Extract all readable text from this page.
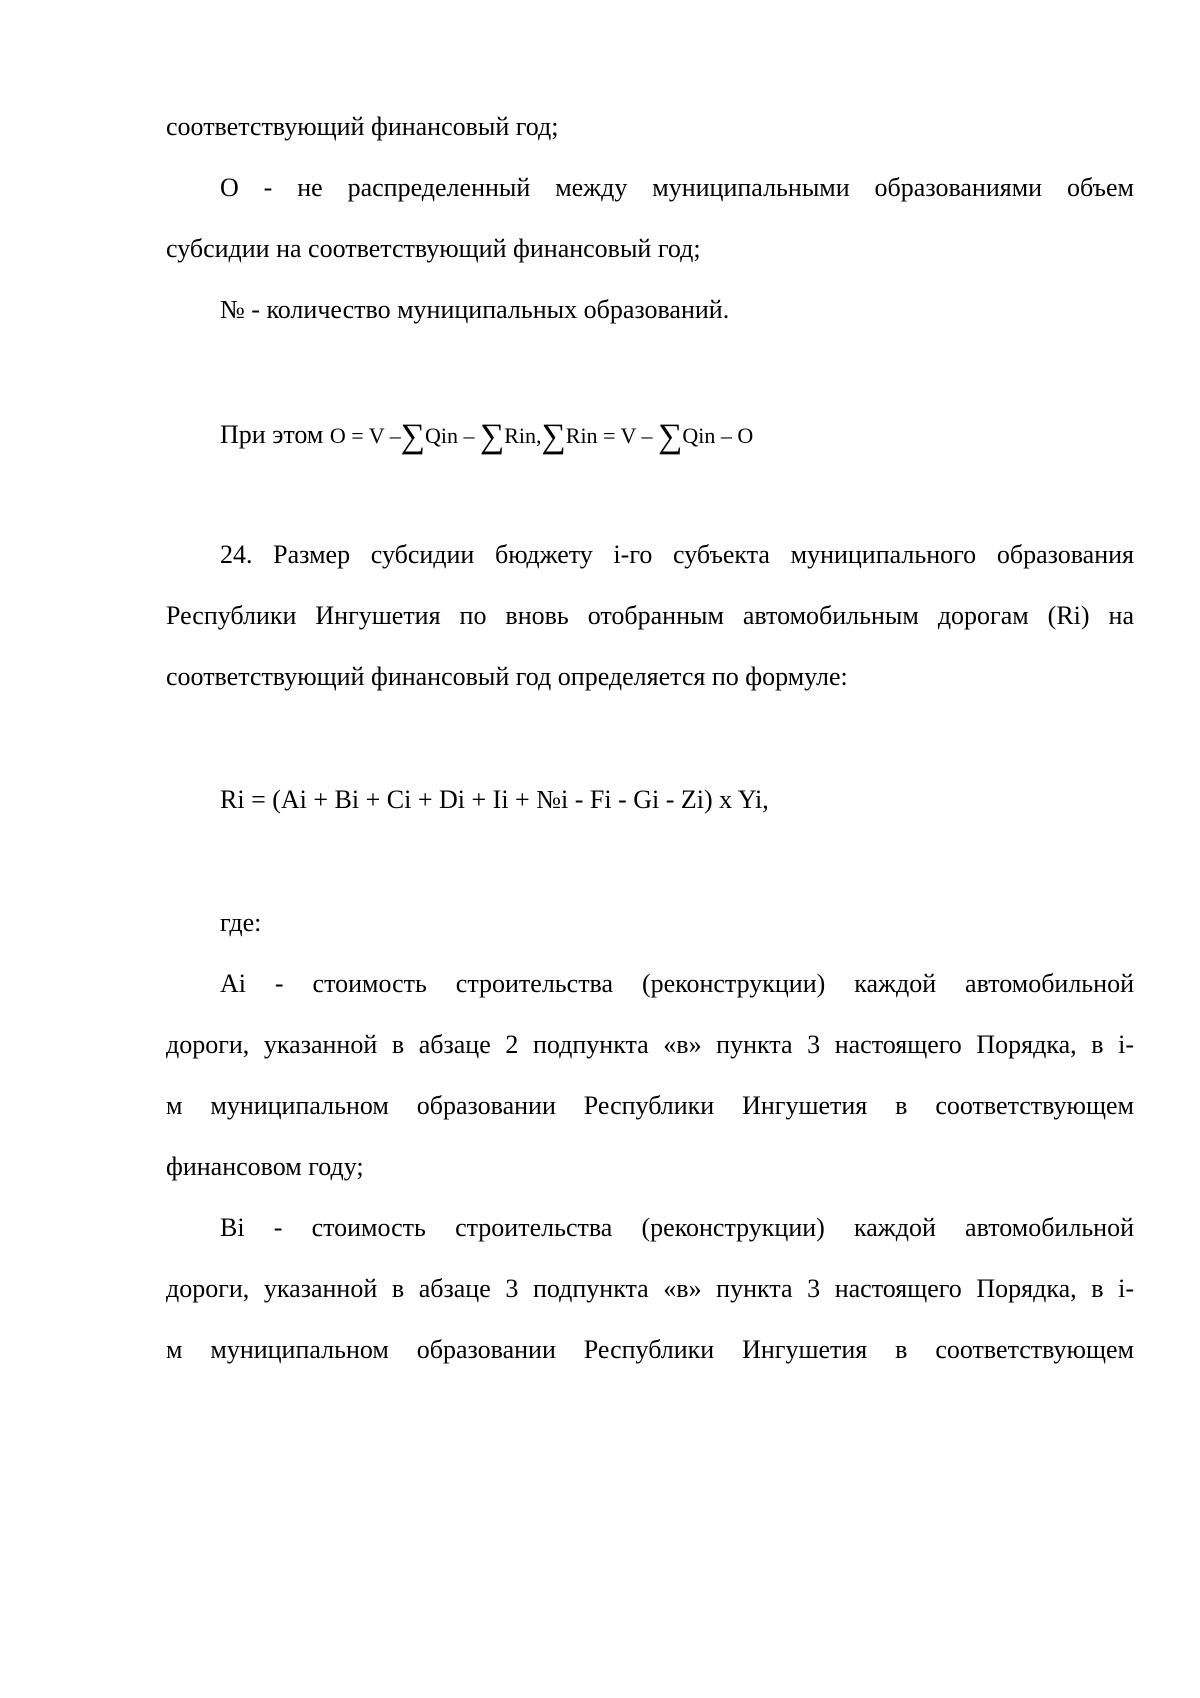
соответствующий финансовый год;

О - не распределенный между муниципальными образованиями объем

субсидии на соответствующий финансовый год;

№ - количество муниципальных образований.

При этом O = V –∑Qin – ∑Rin,∑Rin = V – ∑Qin – O

24. Размер субсидии бюджету i-го субъекта муниципального образования

Республики Ингушетия по вновь отобранным автомобильным дорогам (Ri) на

соответствующий финансовый год определяется по формуле:

Ri = (Ai + Bi + Ci + Di + Ii + №i - Fi - Gi - Zi) x Yi,

где:

Ai - стоимость строительства (реконструкции) каждой автомобильной

дороги, указанной в абзаце 2 подпункта «в» пункта 3 настоящего Порядка, в i-

м муниципальном образовании Республики Ингушетия в соответствующем

финансовом году;

Bi - стоимость строительства (реконструкции) каждой автомобильной

дороги, указанной в абзаце 3 подпункта «в» пункта 3 настоящего Порядка, в i-

м муниципальном образовании Республики Ингушетия в соответствующем
